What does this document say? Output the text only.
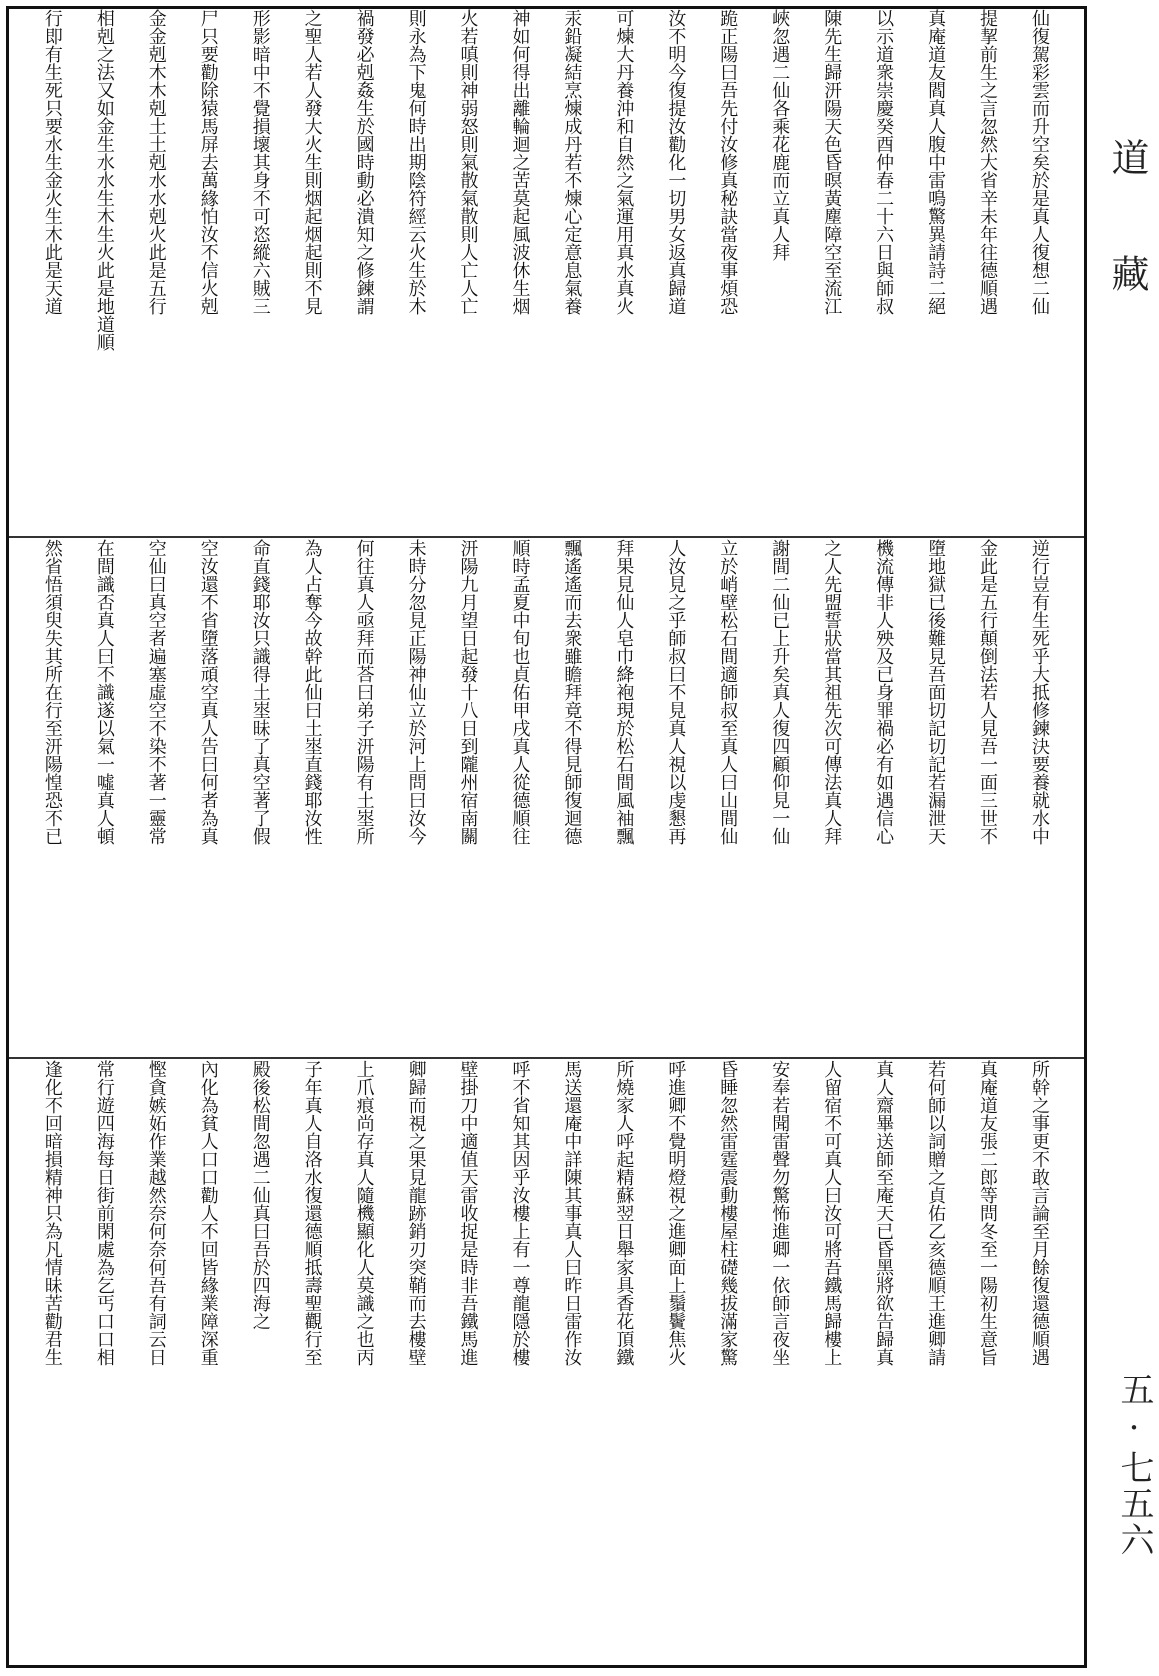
仙復駕彩雲而升空矣於是真人復想二仙
提挈前生之言忽然大省辛未年往德順遇
真庵道友閻真人腹中雷鳴驚異請詩二絕
以示道衆崇慶癸酉仲春二十六日與師叔
陳先生歸汧陽天色昏暝黃塵障空至流江
峽忽遇二仙各乘花鹿而立真人拜
跪正陽曰吾先付汝修真秘訣當夜事煩恐
汝不明今復提汝勸化一切男女返真歸道
可煉大丹養沖和自然之氣運用真水真火
汞鉛凝結烹煉成丹若不煉心定意息氣養
神如何得出離輪迴之苦莫起風波休生烟
火若嗔則神弱怒則氣散氣散則人亡人亡
則永為下鬼何時出期陰符經云火生於木
禍發必剋姦生於國時動必潰知之修鍊謂
之聖人若人發大火生則烟起烟起則不見
形影暗中不覺損壞其身不可恣縱六賊三
尸只要勸除猿馬屏去萬緣怕汝不信火剋
金金剋木木剋土土剋水水剋火此是五行
相剋之法又如金生水水生木生火此是地道順
行即有生死只要水生金火生木此是天道
逆行豈有生死乎大抵修鍊決要養就水中
金此是五行顛倒法若人見吾一面三世不
墮地獄已後難見吾面切記切記若漏泄天
機流傳非人殃及已身罪禍必有如遇信心
之人先盟誓狀當其祖先次可傳法真人拜
謝間二仙已上升矣真人復四顧仰見一仙
立於峭壁松石間適師叔至真人曰山間仙
人汝見之乎師叔曰不見真人視以虔懇再
拜果見仙人皂巾絳袍現於松石間風袖飄
飄遙遙而去衆雖瞻拜竟不得見師復迴德
順時孟夏中旬也貞佑甲戌真人從德順往
汧陽九月望日起發十八日到隴州宿南關
未時分忽見正陽神仙立於河上問曰汝今
何往真人亟拜而荅曰弟子汧陽有土埊所
為人占奪今故幹此仙曰土埊直錢耶汝性
命直錢耶汝只識得土埊昧了真空著了假
空汝還不省墮落頑空真人告曰何者為真
空仙曰真空者遍塞虛空不染不著一靈常
在間識否真人曰不識遂以氣一噓真人頓
然省悟須臾失其所在行至汧陽惶恐不已
所幹之事更不敢言論至月餘復還德順遇
真庵道友張二郎等問冬至一陽初生意旨
若何師以詞贈之貞佑乙亥德順王進卿請
真人齋畢送師至庵天已昏黑將欲告歸真
人留宿不可真人曰汝可將吾鐵馬歸樓上
安奉若聞雷聲勿驚怖進卿一依師言夜坐
昏睡忽然雷霆震動樓屋柱礎幾拔滿家驚
呼進卿不覺明燈視之進卿面上鬚鬢焦火
所燒家人呼起精蘇翌日舉家具香花頂鐵
馬送還庵中詳陳其事真人曰昨日雷作汝
呼不省知其因乎汝樓上有一尊龍隱於樓
壁掛刀中適值天雷收捉是時非吾鐵馬進
卿歸而視之果見龍跡銷刃突鞘而去樓壁
上爪痕尚存真人隨機顯化人莫識之也丙
子年真人自洛水復還德順抵壽聖觀行至
殿後松間忽遇二仙真曰吾於四海之
內化為貧人口口勸人不回皆緣業障深重
慳貪嫉妬作業越然奈何奈何吾有詞云日
常行遊四海每日街前閑處為乞丐口口相
逢化不回暗損精神只為凡情昧苦勸君生
道藏
五·七五六
